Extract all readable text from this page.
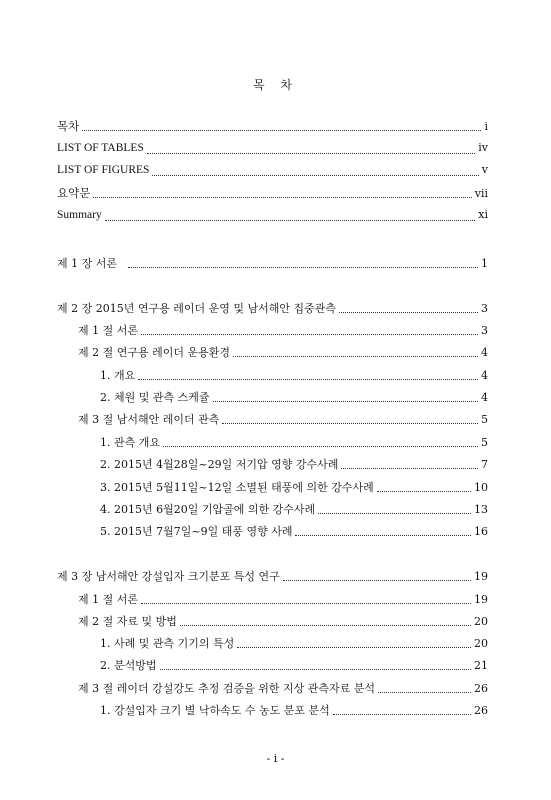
목 차
목차	i
LIST OF TABLES	iv
LIST OF FIGURES	v
요약문	vii
Summary	xi
제 1 장 서론	1
제 2 장 2015년 연구용 레이더 운영 및 남서해안 집중관측	3
제 1 절 서론	3
제 2 절 연구용 레이더 운용환경	4
1. 개요	4
2. 체원 및 관측 스케쥴	4
제 3 절 남서해안 레이더 관측	5
1. 관측 개요	5
2. 2015년 4월28일~29일 저기압 영향 강수사례	7
3. 2015년 5월11일~12일 소멸된 태풍에 의한 강수사례	10
4. 2015년 6월20일 기압골에 의한 강수사례	13
5. 2015년 7월7일~9일 태풍 영향 사례	16
제 3 장 남서해안 강설입자 크기분포 특성 연구	19
제 1 절 서론	19
제 2 절 자료 및 방법	20
1. 사례 및 관측 기기의 특성	20
2. 분석방법	21
제 3 절 레이더 강설강도 추정 검증을 위한 지상 관측자료 분석	26
1. 강설입자 크기 별 낙하속도 수 농도 분포 분석	26
- i -
